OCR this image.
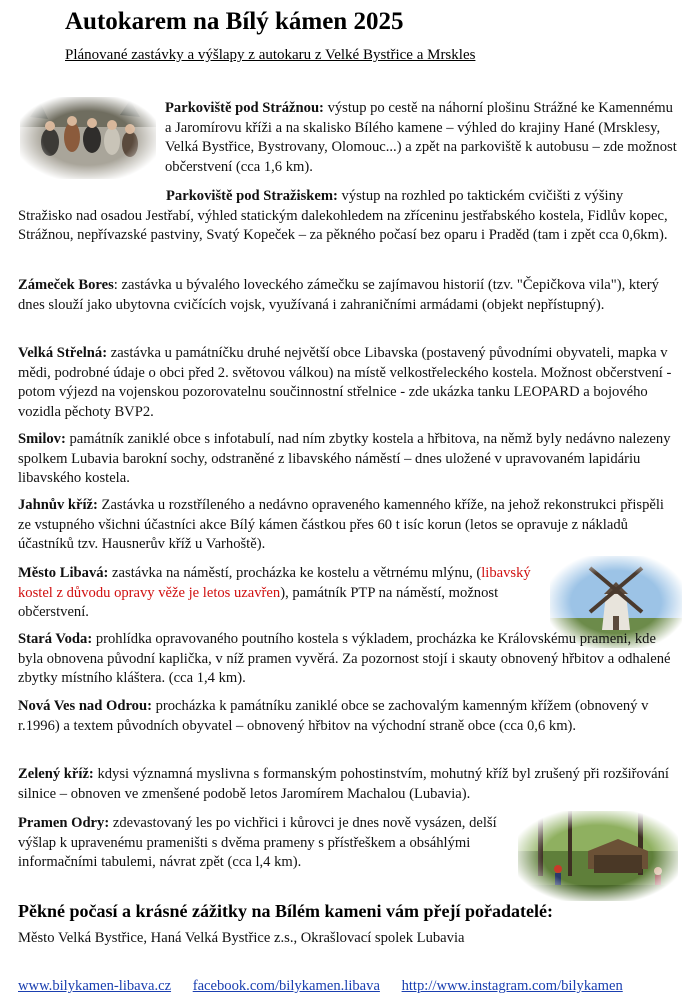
Autokarem na Bílý kámen 2025

Plánované zastávky a výšlapy z autokaru z Velké Bystřice a Mrskles

Parkoviště pod Strážnou: výstup po cestě na náhorní plošinu Strážné ke Kamennému a Jaromírovu kříži a na skalisko Bílého kamene – výhled do krajiny Hané (Mrsklesy, Velká Bystřice, Bystrovany, Olomouc...) a zpět na parkoviště k autobusu – zde možnost občerstvení (cca 1,6 km).

Parkoviště pod Stražiskem: výstup na rozhled po taktickém cvičišti z výšiny Stražisko nad osadou Jestřabí, výhled statickým dalekohledem na zříceninu jestřabského kostela, Fidlův kopec, Strážnou, nepřívazské pastviny, Svatý Kopeček – za pěkného počasí bez oparu i Praděd (tam i zpět cca 0,6km).

Zámeček Bores: zastávka u bývalého loveckého zámečku se zajímavou historií (tzv. "Čepičkova vila"), který dnes slouží jako ubytovna cvičících vojsk, využívaná i zahraničními armádami (objekt nepřístupný).

Velká Střelná: zastávka u památníčku druhé největší obce Libavska (postavený původními obyvateli, mapka v mědi, podrobné údaje o obci před 2. světovou válkou) na místě velkostřeleckého kostela. Možnost občerstvení - potom výjezd na vojenskou pozorovatelnu součinnostní střelnice - zde ukázka tanku LEOPARD a bojového vozidla pěchoty BVP2.

Smilov: památník zaniklé obce s infotabulí, nad ním zbytky kostela a hřbitova, na němž byly nedávno nalezeny spolkem Lubavia barokní sochy, odstraněné z libavského náměstí – dnes uložené v upravovaném lapidáriu libavského kostela.

Jahnův kříž: Zastávka u rozstříleného a nedávno opraveného kamenného kříže, na jehož rekonstrukci přispěli ze vstupného všichni účastníci akce Bílý kámen částkou přes 60 t isíc korun (letos se opravuje z nákladů účastníků tzv. Hausnerův kříž u Varhoště).

Město Libavá: zastávka na náměstí, procházka ke kostelu a větrnému mlýnu, (libavský kostel z důvodu opravy věže je letos uzavřen), památník PTP na náměstí, možnost občerstvení.

Stará Voda: prohlídka opravovaného poutního kostela s výkladem, procházka ke Královskému prameni, kde byla obnovena původní kaplička, v níž pramen vyvěrá. Za pozornost stojí i skauty obnovený hřbitov a odhalené zbytky místního kláštera. (cca 1,4 km).

Nová Ves nad Odrou: procházka k památníku zaniklé obce se zachovalým kamenným křížem (obnovený v r.1996) a textem původních obyvatel – obnovený hřbitov na východní straně obce (cca 0,6 km).

Zelený kříž: kdysi významná myslivna s formanským pohostinstvím, mohutný kříž byl zrušený při rozšiřování silnice – obnoven ve zmenšené podobě letos Jaromírem Machalou (Lubavia).

Pramen Odry: zdevastovaný les po vichřici i kůrovci je dnes nově vysázen, delší výšlap k upravenému prameništi s dvěma prameny s přístřeškem a obsáhlými informačními tabulemi, návrat zpět (cca l,4 km).

Pěkné počasí a krásné zážitky na Bílém kameni vám přejí pořadatelé:

Město Velká Bystřice, Haná Velká Bystřice z.s., Okrašlovací spolek Lubavia

www.bilykamen-libava.cz facebook.com/bilykamen.libava http://www.instagram.com/bilykamen
